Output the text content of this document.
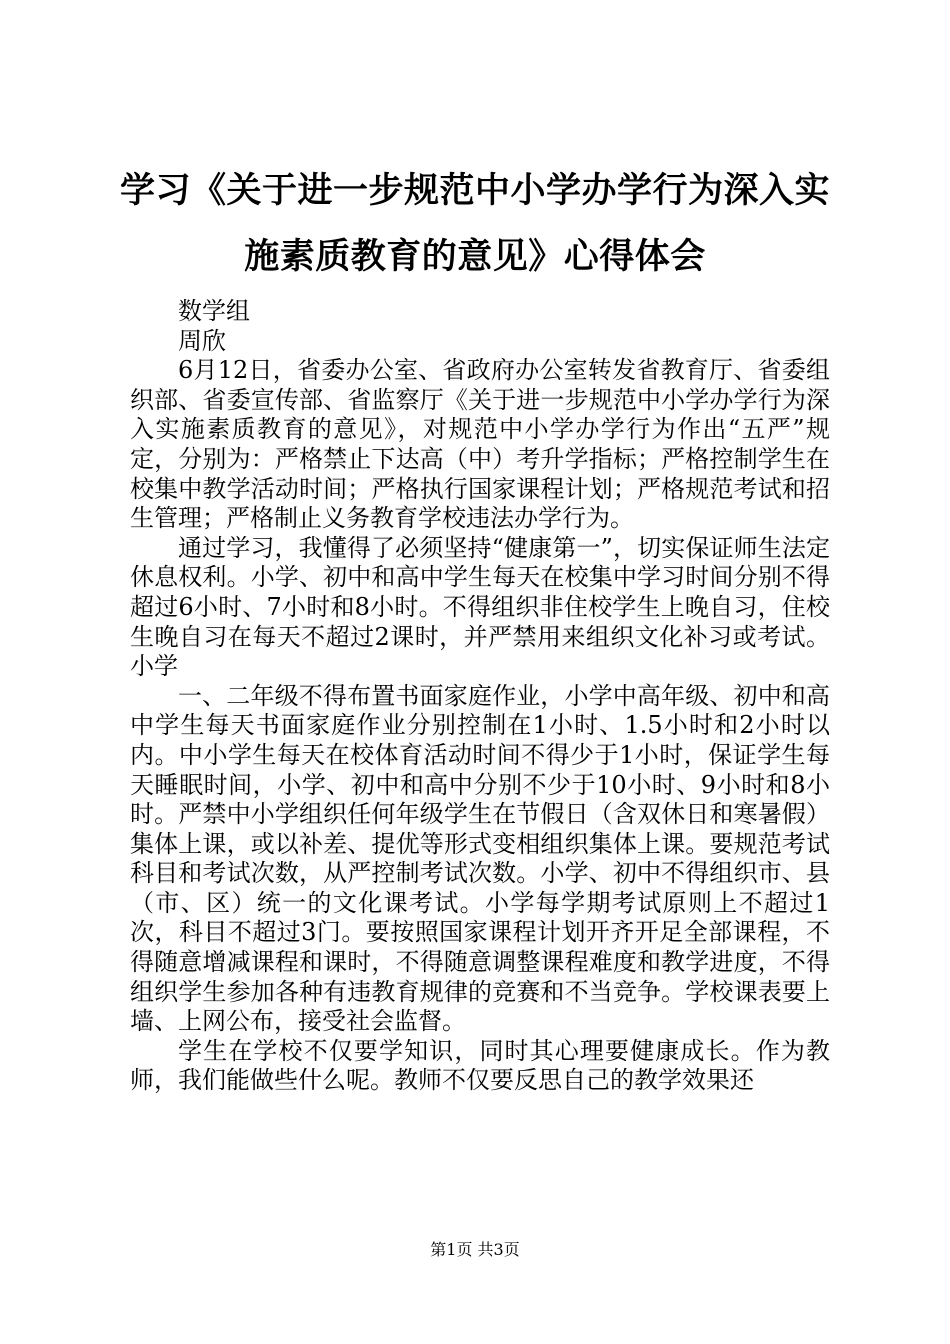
学习《关于进一步规范中小学办学行为深入实
施素质教育的意见》心得体会

数学组

周欣

6月12日，省委办公室、省政府办公室转发省教育厅、省委组织部、省委宣传部、省监察厅《关于进一步规范中小学办学行为深入实施素质教育的意见》，对规范中小学办学行为作出“五严”规定，分别为：严格禁止下达高（中）考升学指标；严格控制学生在校集中教学活动时间；严格执行国家课程计划；严格规范考试和招生管理；严格制止义务教育学校违法办学行为。

通过学习，我懂得了必须坚持“健康第一”，切实保证师生法定休息权利。小学、初中和高中学生每天在校集中学习时间分别不得超过6小时、7小时和8小时。不得组织非住校学生上晚自习，住校生晚自习在每天不超过2课时，并严禁用来组织文化补习或考试。小学

一、二年级不得布置书面家庭作业，小学中高年级、初中和高中学生每天书面家庭作业分别控制在1小时、1.5小时和2小时以内。中小学生每天在校体育活动时间不得少于1小时，保证学生每天睡眠时间，小学、初中和高中分别不少于10小时、9小时和8小时。严禁中小学组织任何年级学生在节假日（含双休日和寒暑假）集体上课，或以补差、提优等形式变相组织集体上课。要规范考试科目和考试次数，从严控制考试次数。小学、初中不得组织市、县（市、区）统一的文化课考试。小学每学期考试原则上不超过1次，科目不超过3门。要按照国家课程计划开齐开足全部课程，不得随意增减课程和课时，不得随意调整课程难度和教学进度，不得组织学生参加各种有违教育规律的竞赛和不当竞争。学校课表要上墙、上网公布，接受社会监督。

学生在学校不仅要学知识，同时其心理要健康成长。作为教师，我们能做些什么呢。教师不仅要反思自己的教学效果还

第1页 共3页
